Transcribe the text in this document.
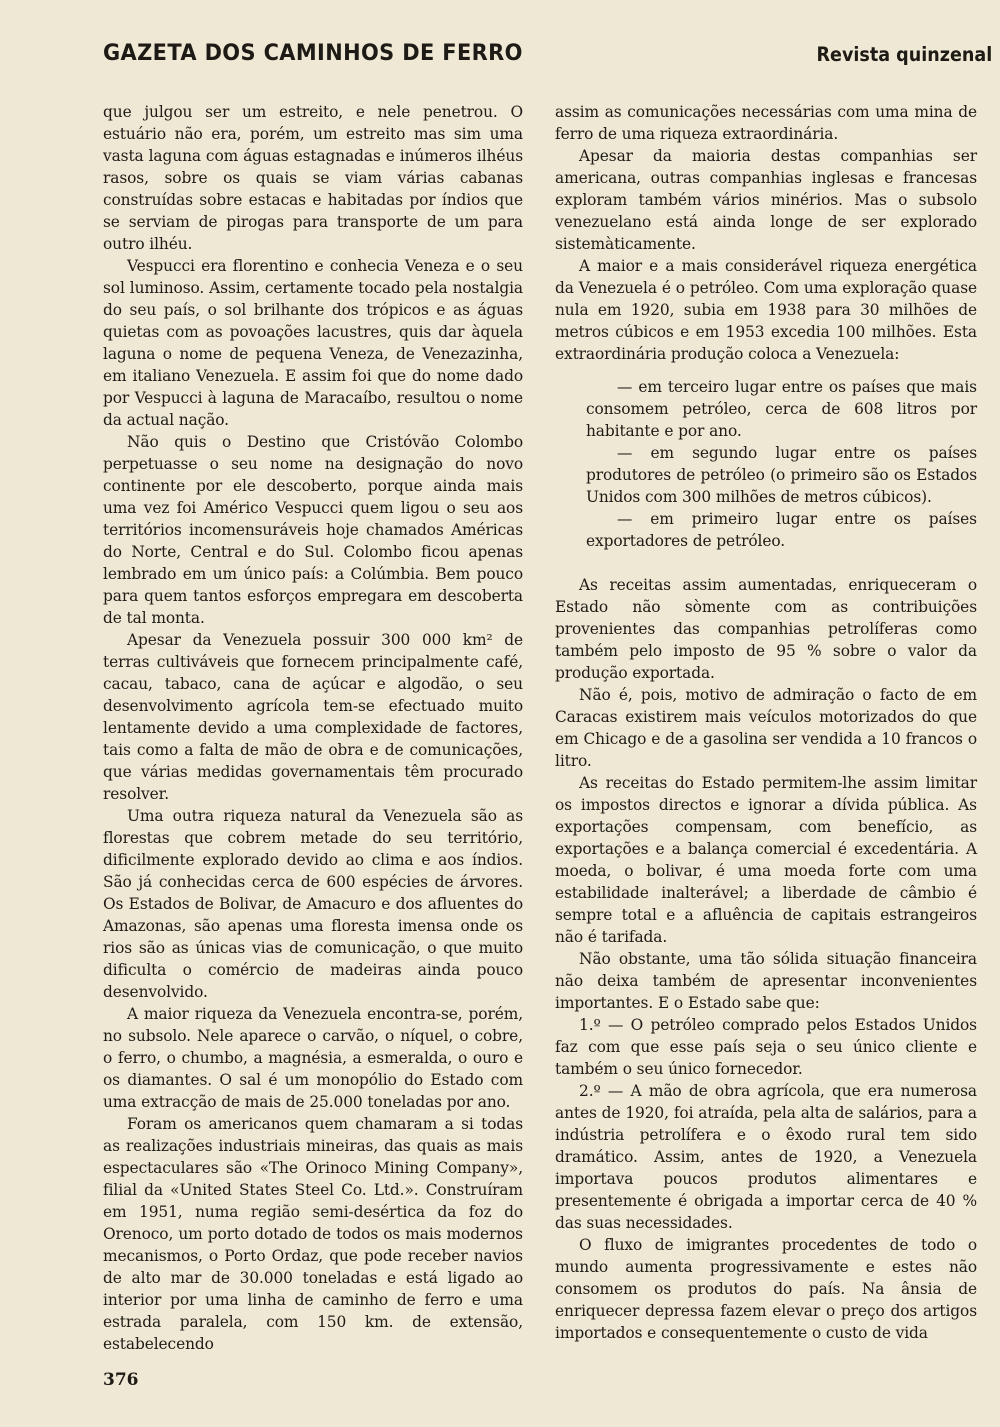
GAZETA DOS CAMINHOS DE FERRO	Revista quinzenal

que julgou ser um estreito, e nele penetrou. O estuário não era, porém, um estreito mas sim uma vasta laguna com águas estagnadas e inúmeros ilhéus rasos, sobre os quais se viam várias cabanas construídas sobre estacas e habitadas por índios que se serviam de pirogas para transporte de um para outro ilhéu.

Vespucci era florentino e conhecia Veneza e o seu sol luminoso. Assim, certamente tocado pela nostalgia do seu país, o sol brilhante dos trópicos e as águas quietas com as povoações lacustres, quis dar àquela laguna o nome de pequena Veneza, de Venezazinha, em italiano Venezuela. E assim foi que do nome dado por Vespucci à laguna de Maracaíbo, resultou o nome da actual nação.

Não quis o Destino que Cristóvão Colombo perpetuasse o seu nome na designação do novo continente por ele descoberto, porque ainda mais uma vez foi Américo Vespucci quem ligou o seu aos territórios incomensuráveis hoje chamados Américas do Norte, Central e do Sul. Colombo ficou apenas lembrado em um único país: a Colúmbia. Bem pouco para quem tantos esforços empregara em descoberta de tal monta.

Apesar da Venezuela possuir 300 000 km² de terras cultiváveis que fornecem principalmente café, cacau, tabaco, cana de açúcar e algodão, o seu desenvolvimento agrícola tem-se efectuado muito lentamente devido a uma complexidade de factores, tais como a falta de mão de obra e de comunicações, que várias medidas governamentais têm procurado resolver.

Uma outra riqueza natural da Venezuela são as florestas que cobrem metade do seu território, dificilmente explorado devido ao clima e aos índios. São já conhecidas cerca de 600 espécies de árvores. Os Estados de Bolivar, de Amacuro e dos afluentes do Amazonas, são apenas uma floresta imensa onde os rios são as únicas vias de comunicação, o que muito dificulta o comércio de madeiras ainda pouco desenvolvido.

A maior riqueza da Venezuela encontra-se, porém, no subsolo. Nele aparece o carvão, o níquel, o cobre, o ferro, o chumbo, a magnésia, a esmeralda, o ouro e os diamantes. O sal é um monopólio do Estado com uma extracção de mais de 25.000 toneladas por ano.

Foram os americanos quem chamaram a si todas as realizações industriais mineiras, das quais as mais espectaculares são «The Orinoco Mining Company», filial da «United States Steel Co. Ltd.». Construíram em 1951, numa região semi-desértica da foz do Orenoco, um porto dotado de todos os mais modernos mecanismos, o Porto Ordaz, que pode receber navios de alto mar de 30.000 toneladas e está ligado ao interior por uma linha de caminho de ferro e uma estrada paralela, com 150 km. de extensão, estabelecendo

assim as comunicações necessárias com uma mina de ferro de uma riqueza extraordinária.

Apesar da maioria destas companhias ser americana, outras companhias inglesas e francesas exploram também vários minérios. Mas o subsolo venezuelano está ainda longe de ser explorado sistemàticamente.

A maior e a mais considerável riqueza energética da Venezuela é o petróleo. Com uma exploração quase nula em 1920, subia em 1938 para 30 milhões de metros cúbicos e em 1953 excedia 100 milhões. Esta extraordinária produção coloca a Venezuela:

— em terceiro lugar entre os países que mais consomem petróleo, cerca de 608 litros por habitante e por ano.

— em segundo lugar entre os países produtores de petróleo (o primeiro são os Estados Unidos com 300 milhões de metros cúbicos).

— em primeiro lugar entre os países exportadores de petróleo.

As receitas assim aumentadas, enriqueceram o Estado não sòmente com as contribuições provenientes das companhias petrolíferas como também pelo imposto de 95 % sobre o valor da produção exportada.

Não é, pois, motivo de admiração o facto de em Caracas existirem mais veículos motorizados do que em Chicago e de a gasolina ser vendida a 10 francos o litro.

As receitas do Estado permitem-lhe assim limitar os impostos directos e ignorar a dívida pública. As exportações compensam, com benefício, as exportações e a balança comercial é excedentária. A moeda, o bolivar, é uma moeda forte com uma estabilidade inalterável; a liberdade de câmbio é sempre total e a afluência de capitais estrangeiros não é tarifada.

Não obstante, uma tão sólida situação financeira não deixa também de apresentar inconvenientes importantes. E o Estado sabe que:

1.º — O petróleo comprado pelos Estados Unidos faz com que esse país seja o seu único cliente e também o seu único fornecedor.

2.º — A mão de obra agrícola, que era numerosa antes de 1920, foi atraída, pela alta de salários, para a indústria petrolífera e o êxodo rural tem sido dramático. Assim, antes de 1920, a Venezuela importava poucos produtos alimentares e presentemente é obrigada a importar cerca de 40 % das suas necessidades.

O fluxo de imigrantes procedentes de todo o mundo aumenta progressivamente e estes não consomem os produtos do país. Na ânsia de enriquecer depressa fazem elevar o preço dos artigos importados e consequentemente o custo de vida

376
